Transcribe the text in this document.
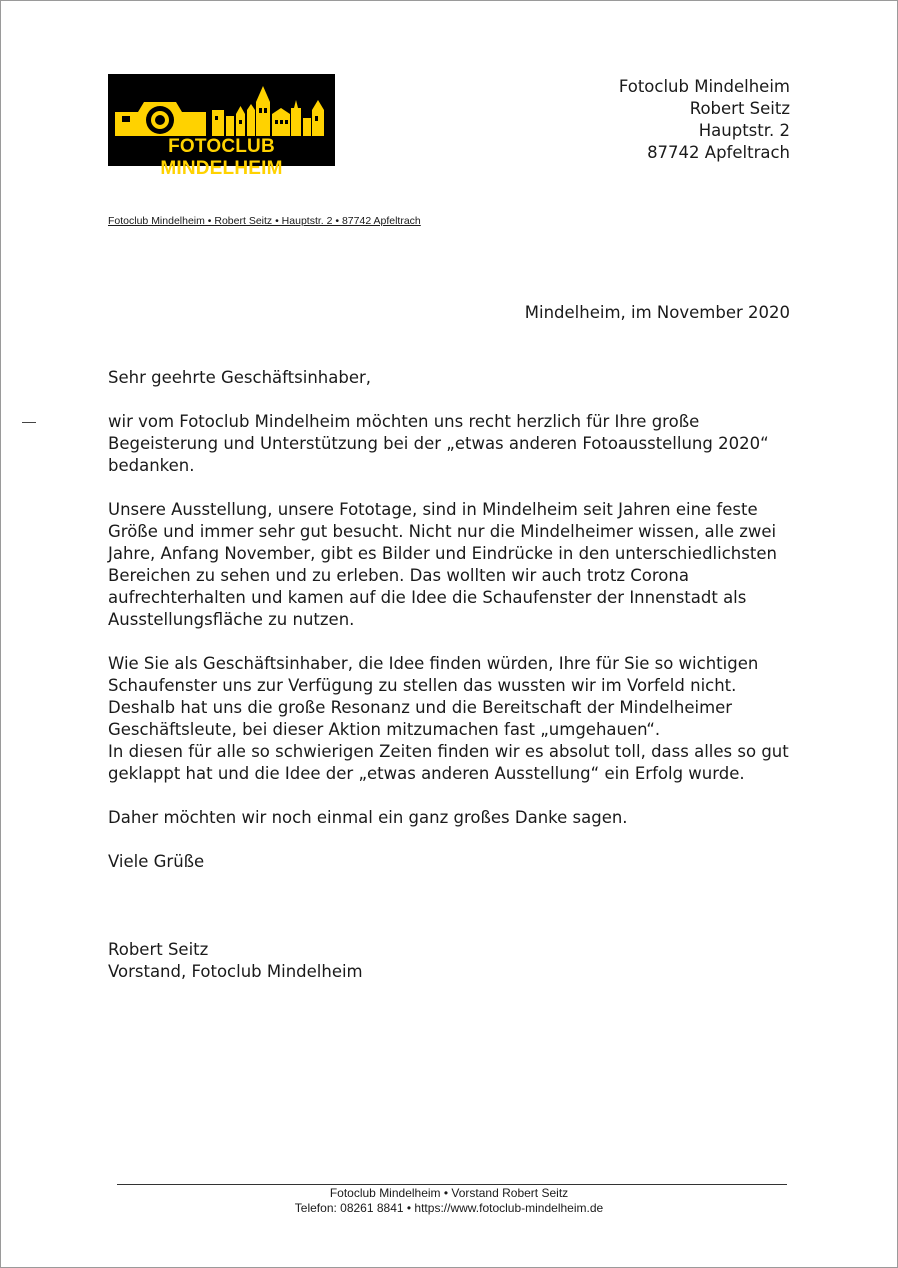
FOTOCLUB MINDELHEIM
Fotoclub Mindelheim
Robert Seitz
Hauptstr. 2
87742 Apfeltrach
Fotoclub Mindelheim • Robert Seitz • Hauptstr. 2 • 87742 Apfeltrach
Mindelheim, im November 2020

Sehr geehrte Geschäftsinhaber,

wir vom Fotoclub Mindelheim möchten uns recht herzlich für Ihre große Begeisterung und Unterstützung bei der „etwas anderen Fotoausstellung 2020“ bedanken.

Unsere Ausstellung, unsere Fototage, sind in Mindelheim seit Jahren eine feste Größe und immer sehr gut besucht. Nicht nur die Mindelheimer wissen, alle zwei Jahre, Anfang November, gibt es Bilder und Eindrücke in den unterschiedlichsten Bereichen zu sehen und zu erleben. Das wollten wir auch trotz Corona aufrechterhalten und kamen auf die Idee die Schaufenster der Innenstadt als Ausstellungsfläche zu nutzen.

Wie Sie als Geschäftsinhaber, die Idee finden würden, Ihre für Sie so wichtigen Schaufenster uns zur Verfügung zu stellen das wussten wir im Vorfeld nicht. Deshalb hat uns die große Resonanz und die Bereitschaft der Mindelheimer Geschäftsleute, bei dieser Aktion mitzumachen fast „umgehauen“.

In diesen für alle so schwierigen Zeiten finden wir es absolut toll, dass alles so gut geklappt hat und die Idee der „etwas anderen Ausstellung“ ein Erfolg wurde.

Daher möchten wir noch einmal ein ganz großes Danke sagen.

Viele Grüße

Robert Seitz

Vorstand, Fotoclub Mindelheim

Fotoclub Mindelheim • Vorstand Robert Seitz
Telefon: 08261 8841 • https://www.fotoclub-mindelheim.de
